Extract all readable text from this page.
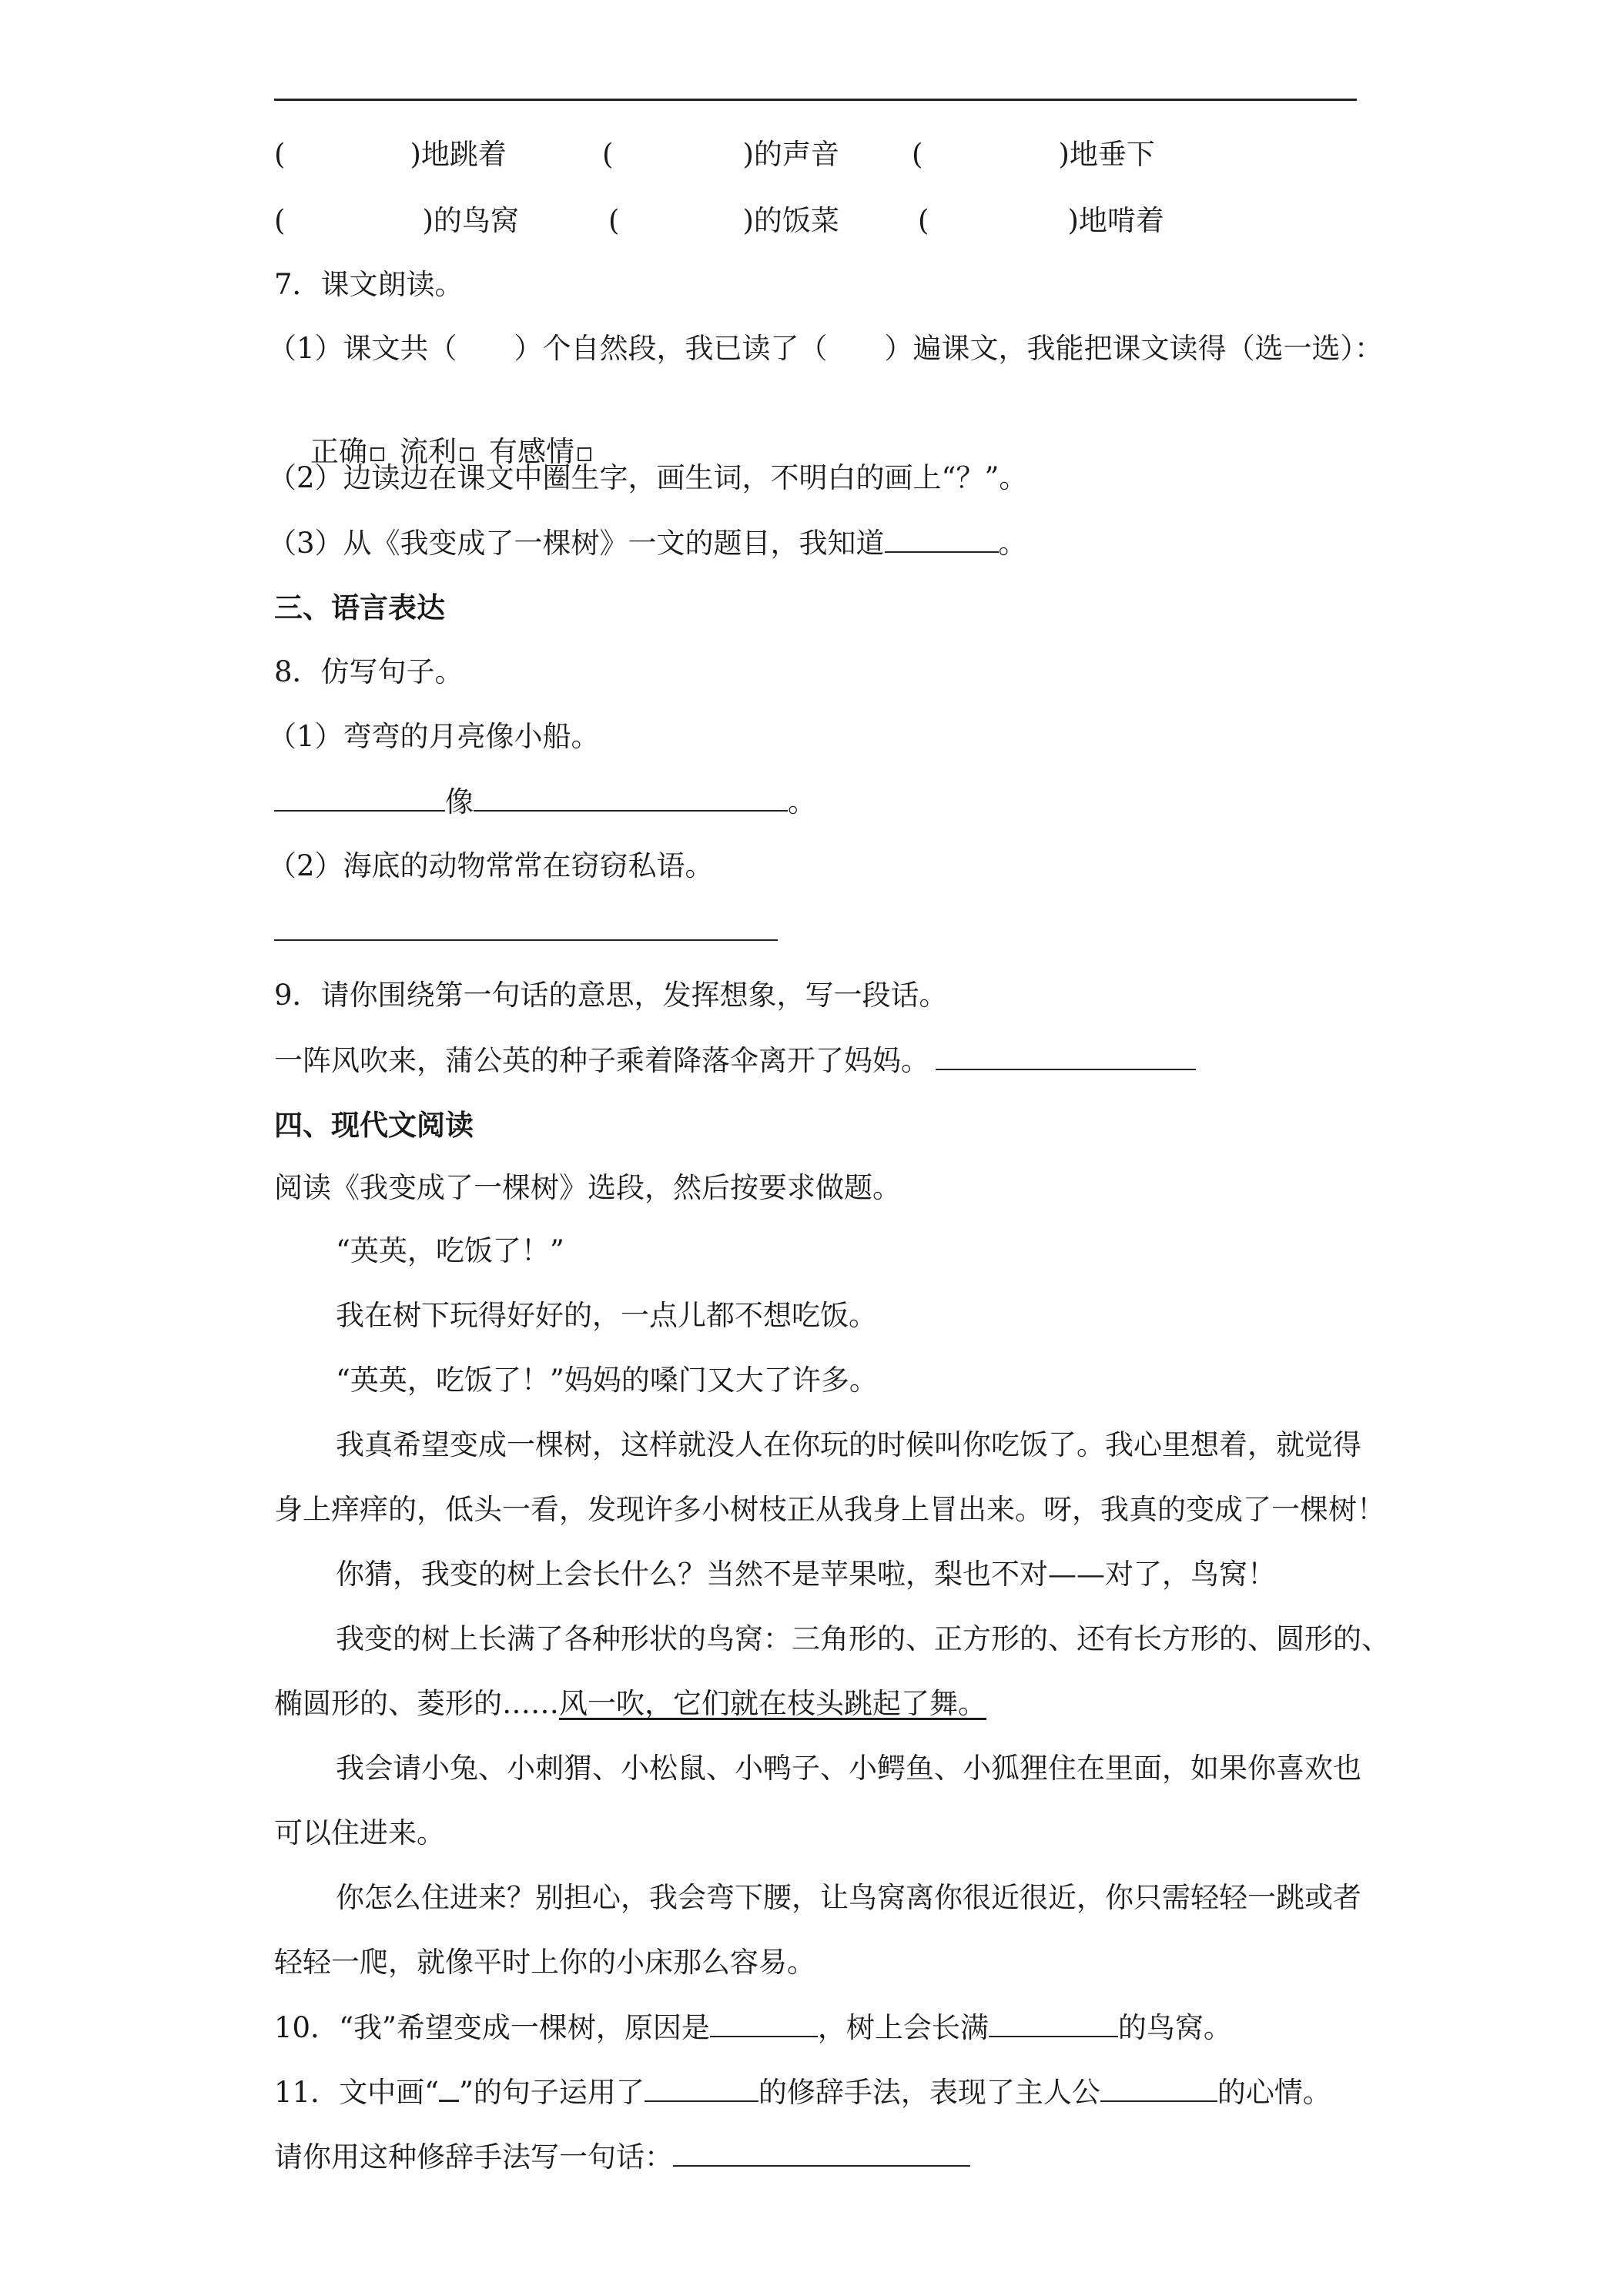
(	)地跳着	(	)的声音	(	)地垂下
(	)的鸟窝	(	)的饭菜	(	)地啃着
7．课文朗读。
（1）课文共（　　）个自然段，我已读了（　　）遍课文，我能把课文读得（选一选）：

正确 流利 有感情

（2）边读边在课文中圈生字，画生词，不明白的画上“？”。
（3）从《我变成了一棵树》一文的题目，我知道	。
三、语言表达
8．仿写句子。
（1）弯弯的月亮像小船。
像	。
（2）海底的动物常常在窃窃私语。
9．请你围绕第一句话的意思，发挥想象，写一段话。
一阵风吹来，蒲公英的种子乘着降落伞离开了妈妈。
四、现代文阅读
阅读《我变成了一棵树》选段，然后按要求做题。
“英英，吃饭了！”
我在树下玩得好好的，一点儿都不想吃饭。
“英英，吃饭了！”妈妈的嗓门又大了许多。
我真希望变成一棵树，这样就没人在你玩的时候叫你吃饭了。我心里想着，就觉得
身上痒痒的，低头一看，发现许多小树枝正从我身上冒出来。呀，我真的变成了一棵树！
你猜，我变的树上会长什么？当然不是苹果啦，梨也不对——对了，鸟窝！
我变的树上长满了各种形状的鸟窝：三角形的、正方形的、还有长方形的、圆形的、
椭圆形的、菱形的……风一吹，它们就在枝头跳起了舞。
我会请小兔、小刺猬、小松鼠、小鸭子、小鳄鱼、小狐狸住在里面，如果你喜欢也
可以住进来。
你怎么住进来？别担心，我会弯下腰，让鸟窝离你很近很近，你只需轻轻一跳或者
轻轻一爬，就像平时上你的小床那么容易。
10．“我”希望变成一棵树，原因是	，树上会长满	的鸟窝。
11．文中画“ ”的句子运用了	的修辞手法，表现了主人公	的心情。
请你用这种修辞手法写一句话：
